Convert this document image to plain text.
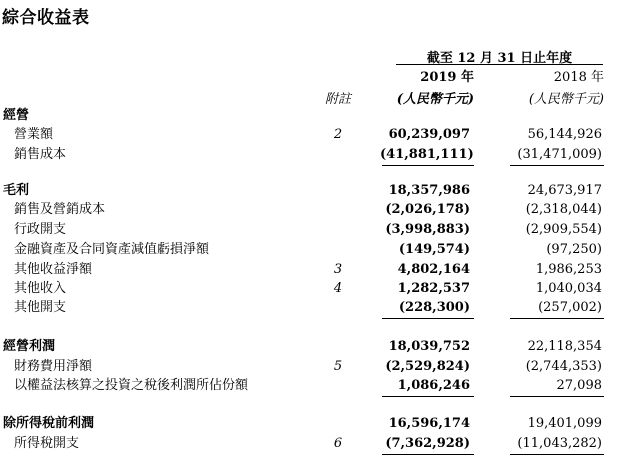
綜合收益表
截至 12 月 31 日止年度
2019 年	2018 年
附註	(人民幣千元)	(人民幣千元)
經營
營業額	2	60,239,097	56,144,926
銷售成本	(41,881,111)	(31,471,009)
毛利	18,357,986	24,673,917
銷售及營銷成本	(2,026,178)	(2,318,044)
行政開支	(3,998,883)	(2,909,554)
金融資產及合同資產減值虧損淨額	(149,574)	(97,250)
其他收益淨額	3	4,802,164	1,986,253
其他收入	4	1,282,537	1,040,034
其他開支	(228,300)	(257,002)
經營利潤	18,039,752	22,118,354
財務費用淨額	5	(2,529,824)	(2,744,353)
以權益法核算之投資之稅後利潤所佔份額	1,086,246	27,098
除所得稅前利潤	16,596,174	19,401,099
所得稅開支	6	(7,362,928)	(11,043,282)
